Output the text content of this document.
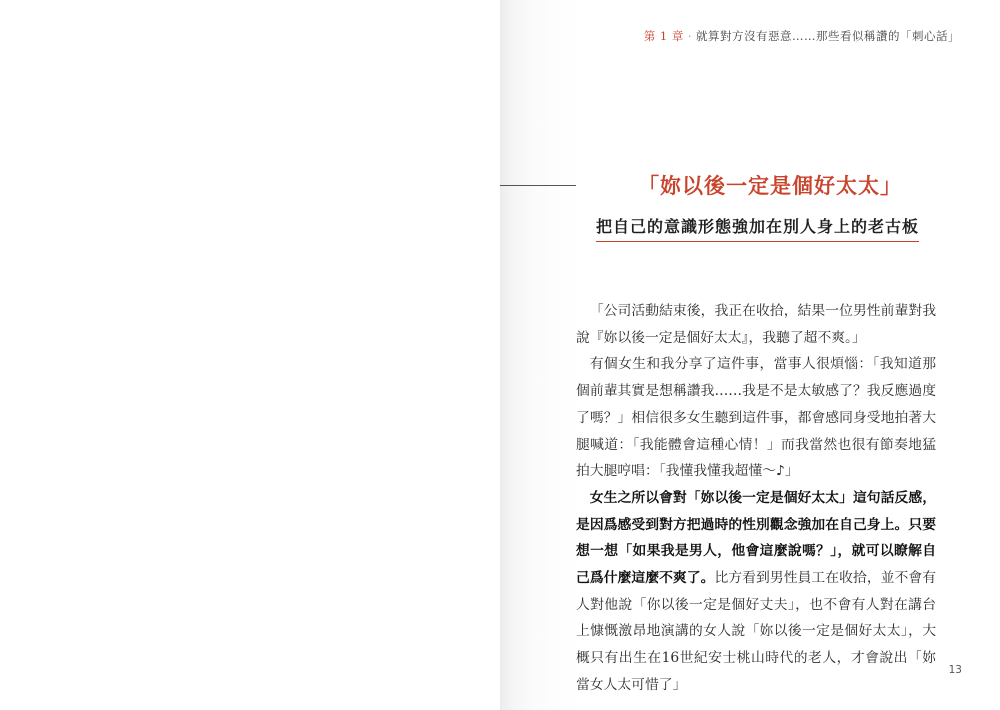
第 1 章 · 就算對方沒有惡意……那些看似稱讚的「刺心話」
「妳以後一定是個好太太」
把自己的意識形態強加在別人身上的老古板

「公司活動結束後，我正在收拾，結果一位男性前輩對我說『妳以後一定是個好太太』，我聽了超不爽。」

有個女生和我分享了這件事，當事人很煩惱：「我知道那個前輩其實是想稱讚我……我是不是太敏感了？我反應過度了嗎？」相信很多女生聽到這件事，都會感同身受地拍著大腿喊道：「我能體會這種心情！」而我當然也很有節奏地猛拍大腿哼唱：「我懂我懂我超懂～♪」

女生之所以會對「妳以後一定是個好太太」這句話反感，是因爲感受到對方把過時的性別觀念強加在自己身上。只要想一想「如果我是男人，他會這麼說嗎？」，就可以瞭解自己爲什麼這麼不爽了。比方看到男性員工在收拾，並不會有人對他說「你以後一定是個好丈夫」，也不會有人對在講台上慷慨激昂地演講的女人說「妳以後一定是個好太太」，大概只有出生在16世紀安士桃山時代的老人，才會說出「妳當女人太可惜了」

13
